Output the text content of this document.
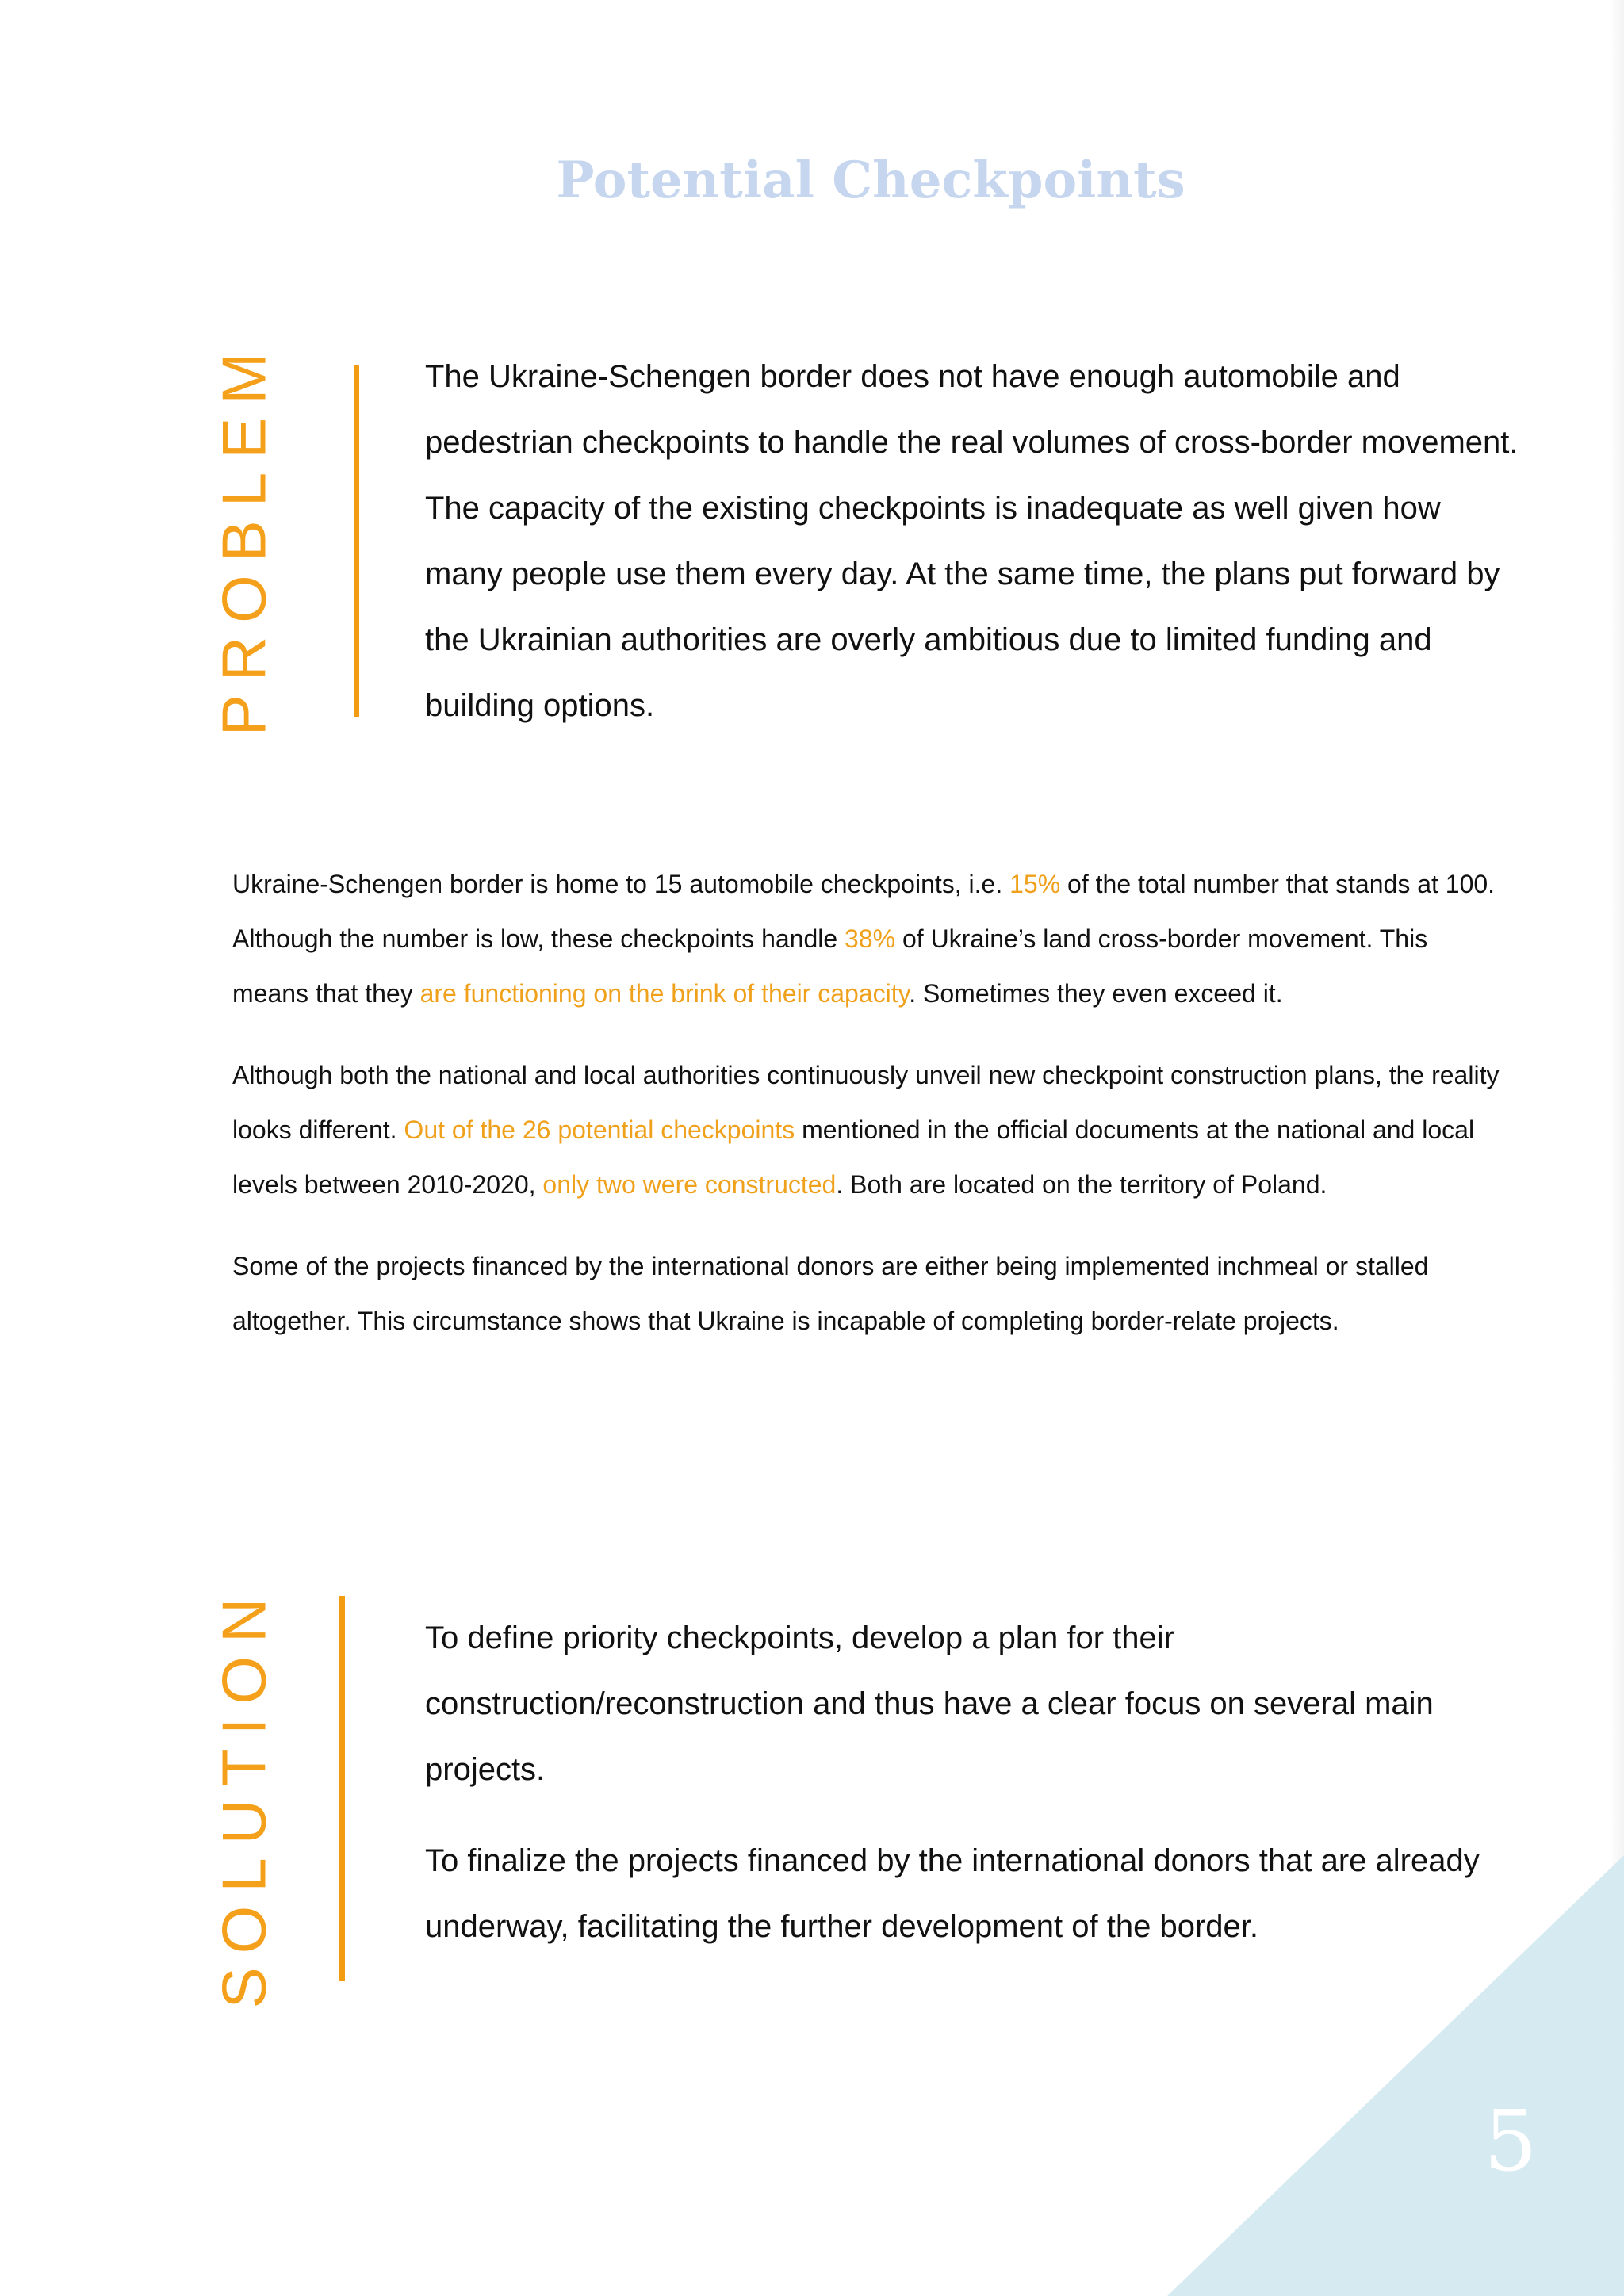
Potential Checkpoints
PROBLEM	The Ukraine-Schengen border does not have enough automobile and pedestrian checkpoints to handle the real volumes of cross-border movement. The capacity of the existing checkpoints is inadequate as well given how many people use them every day. At the same time, the plans put forward by the Ukrainian authorities are overly ambitious due to limited funding and building options.

Ukraine-Schengen border is home to 15 automobile checkpoints, i.e. 15% of the total number that stands at 100. Although the number is low, these checkpoints handle 38% of Ukraine’s land cross-border movement. This means that they are functioning on the brink of their capacity. Sometimes they even exceed it.

Although both the national and local authorities continuously unveil new checkpoint construction plans, the reality looks different. Out of the 26 potential checkpoints mentioned in the official documents at the national and local levels between 2010-2020, only two were constructed. Both are located on the territory of Poland.

Some of the projects financed by the international donors are either being implemented inchmeal or stalled altogether. This circumstance shows that Ukraine is incapable of completing border-relate projects.

SOLUTION	To define priority checkpoints, develop a plan for their construction/reconstruction and thus have a clear focus on several main projects.

To finalize the projects financed by the international donors that are already underway, facilitating the further development of the border.

5
